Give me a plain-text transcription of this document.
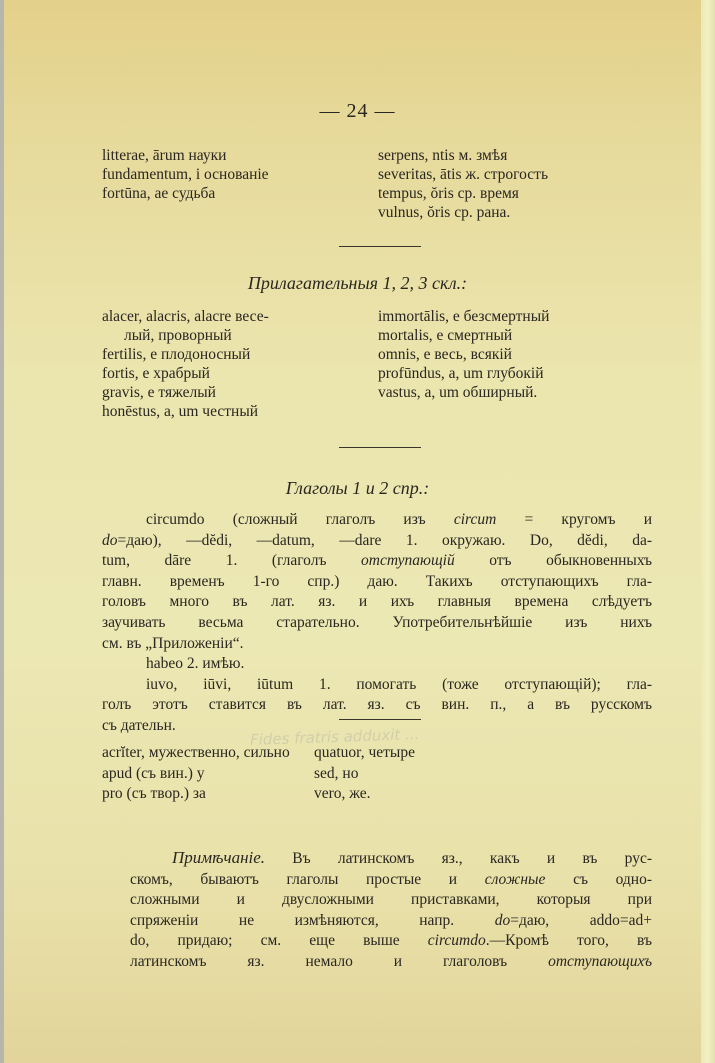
— 24 —
litterae, ārum науки
fundamentum, i основанiе
fortūna, ae судьба
serpens, ntis м. змѣя
severitas, ātis ж. строгость
tempus, ŏris ср. время
vulnus, ŏris ср. рана.
Прилагательныя 1, 2, 3 скл.:
alacer, alacris, alacre весе-
лый, проворный
fertilis, e плодоносный
fortis, e храбрый
gravis, e тяжелый
honēstus, a, um честный
immortālis, e безсмертный
mortalis, e смертный
omnis, e весь, всякiй
profūndus, a, um глубокiй
vastus, a, um обширный.
Глаголы 1 и 2 спр.:
circumdo (сложный глаголъ изъ circum = кругомъ и
do=даю), —dĕdi, —datum, —dare 1. окружаю. Do, dĕdi, da-
tum, dāre 1. (глаголъ отступающiй отъ обыкновенныхъ
главн. временъ 1-го спр.) даю. Такихъ отступающихъ гла-
головъ много въ лат. яз. и ихъ главныя времена слѣдуетъ
заучивать весьма старательно. Употребительнѣйшiе изъ нихъ
см. въ „Приложенiи“.
habeo 2. имѣю.
iuvo, iūvi, iūtum 1. помогать (тоже отступающiй); гла-
голъ этотъ ставится въ лат. яз. съ вин. п., а въ русскомъ
съ дательн.	Fides fratris adduxit ...
acrĭter, мужественно, сильно
apud (съ вин.) у
pro (съ твор.) за
quatuor, четыре
sed, но
vero, же.
Примѣчанiе. Въ латинскомъ яз., какъ и въ рус-
скомъ, бываютъ глаголы простые и сложные съ одно-
сложными и двусложными приставками, которыя при
спряженiи не измѣняются, напр. do=даю, addo=ad+
do, придаю; см. еще выше circumdo.—Кромѣ того, въ
латинскомъ яз. немало и глаголовъ отступающихъ
